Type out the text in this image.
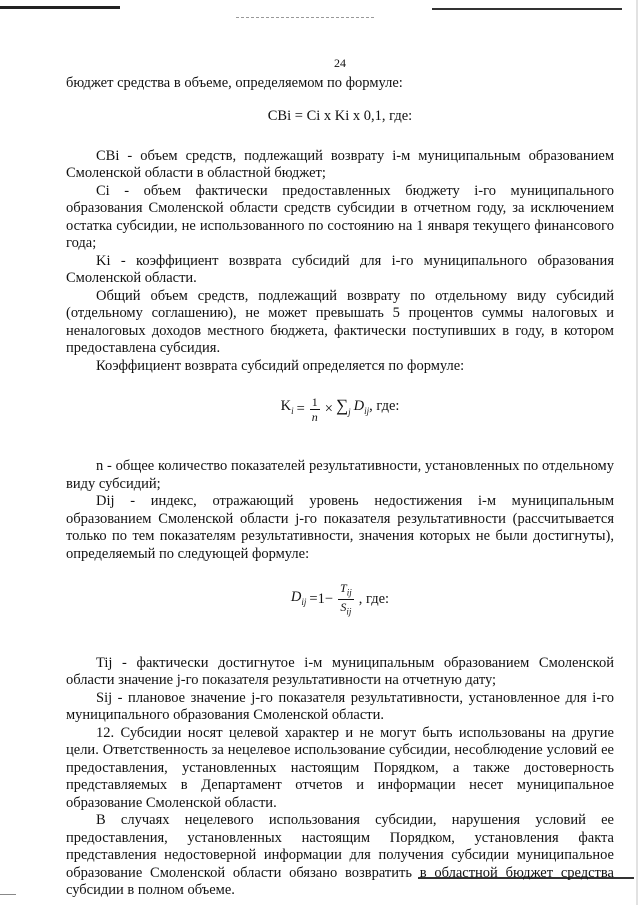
24

бюджет средства в объеме, определяемом по формуле:

СВi = Ci х Ki х 0,1, где:

СВi - объем средств, подлежащий возврату i-м муниципальным образованием Смоленской области в областной бюджет;

Ci - объем фактически предоставленных бюджету i-го муниципального образования Смоленской области средств субсидии в отчетном году, за исключением остатка субсидии, не использованного по состоянию на 1 января текущего финансового года;

Ki - коэффициент возврата субсидий для i-го муниципального образования Смоленской области.

Общий объем средств, подлежащий возврату по отдельному виду субсидий (отдельному соглашению), не может превышать 5 процентов суммы налоговых и неналоговых доходов местного бюджета, фактически поступивших в году, в котором предоставлена субсидия.

Коэффициент возврата субсидий определяется по формуле:

$K_i = \frac{1}{n} \times \sum_j$ $D_{ij}$, где:

n - общее количество показателей результативности, установленных по отдельному виду субсидий;

Dij - индекс, отражающий уровень недостижения i-м муниципальным образованием Смоленской области j-го показателя результативности (рассчитывается только по тем показателям результативности, значения которых не были достигнуты), определяемый по следующей формуле:

$D_{ij} =1- \frac{T_{ij}}{S_{ij}}$ , где:

Tij - фактически достигнутое i-м муниципальным образованием Смоленской области значение j-го показателя результативности на отчетную дату;

Sij - плановое значение j-го показателя результативности, установленное для i-го муниципального образования Смоленской области.

12. Субсидии носят целевой характер и не могут быть использованы на другие цели. Ответственность за нецелевое использование субсидии, несоблюдение условий ее предоставления, установленных настоящим Порядком, а также достоверность представляемых в Департамент отчетов и информации несет муниципальное образование Смоленской области.

В случаях нецелевого использования субсидии, нарушения условий ее предоставления, установленных настоящим Порядком, установления факта представления недостоверной информации для получения субсидии муниципальное образование Смоленской области обязано возвратить в областной бюджет средства субсидии в полном объеме.
